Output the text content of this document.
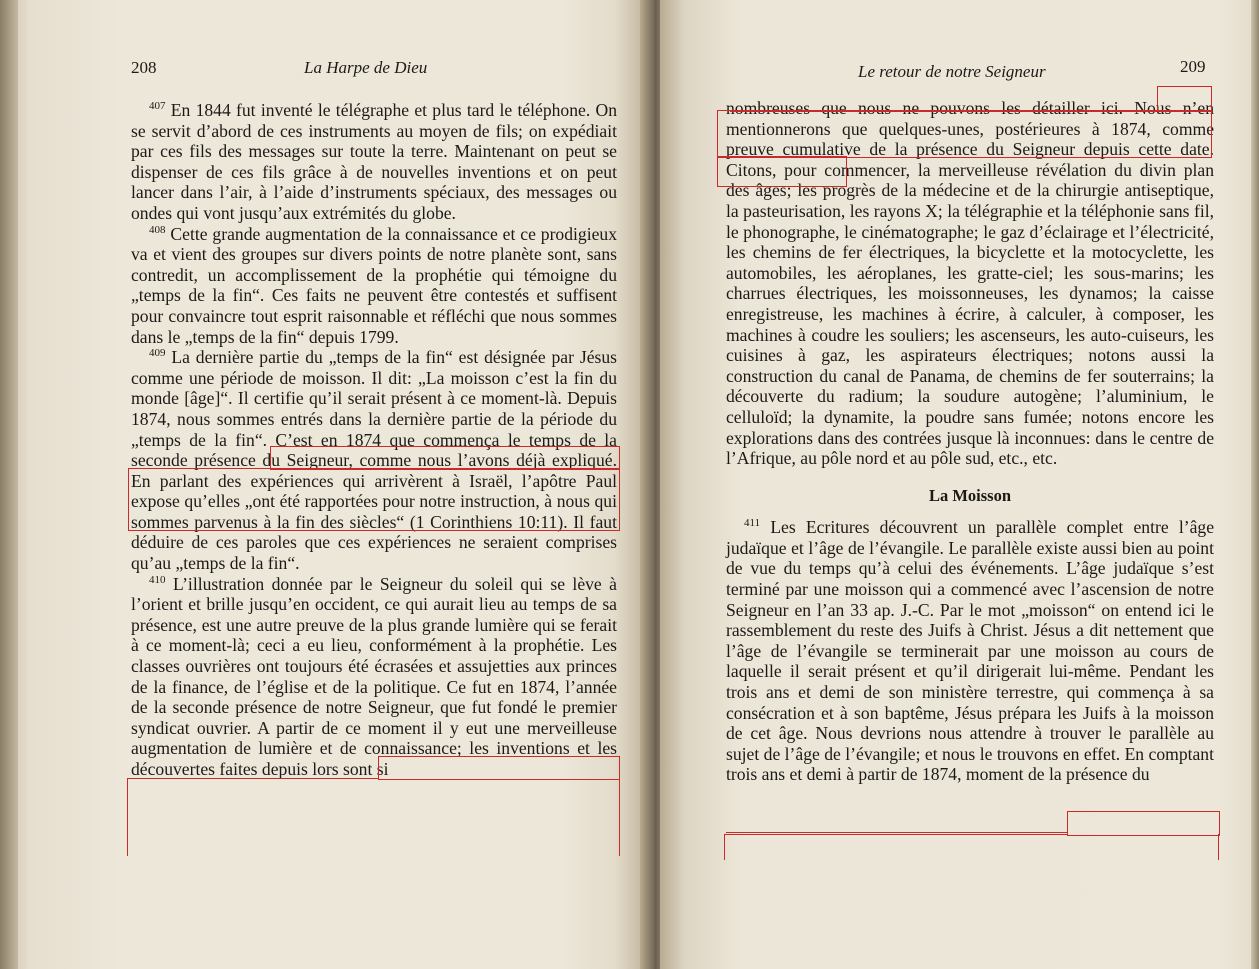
208	La Harpe de Dieu

$^{407}$ En 1844 fut inventé le télégraphe et plus tard le téléphone. On se servit d’abord de ces instruments au moyen de fils; on expédiait par ces fils des messages sur toute la terre. Maintenant on peut se dispenser de ces fils grâce à de nouvelles inventions et on peut lancer dans l’air, à l’aide d’instruments spéciaux, des messages ou ondes qui vont jusqu’aux extrémités du globe.

$^{408}$ Cette grande augmentation de la connaissance et ce prodigieux va et vient des groupes sur divers points de notre planète sont, sans contredit, un accomplissement de la prophétie qui témoigne du „temps de la fin“. Ces faits ne peuvent être contestés et suffisent pour convaincre tout esprit raisonnable et réfléchi que nous sommes dans le „temps de la fin“ depuis 1799.

$^{409}$ La dernière partie du „temps de la fin“ est désignée par Jésus comme une période de moisson. Il dit: „La moisson c’est la fin du monde [âge]“. Il certifie qu’il serait présent à ce moment-là. Depuis 1874, nous sommes entrés dans la dernière partie de la période du „temps de la fin“. C’est en 1874 que commença le temps de la seconde présence du Seigneur, comme nous l’avons déjà expliqué. En parlant des expériences qui arrivèrent à Israël, l’apôtre Paul expose qu’elles „ont été rapportées pour notre instruction, à nous qui sommes parvenus à la fin des siècles“ (1 Corinthiens 10:11). Il faut déduire de ces paroles que ces expériences ne seraient comprises qu’au „temps de la fin“.

$^{410}$ L’illustration donnée par le Seigneur du soleil qui se lève à l’orient et brille jusqu’en occident, ce qui aurait lieu au temps de sa présence, est une autre preuve de la plus grande lumière qui se ferait à ce moment-là; ceci a eu lieu, conformément à la prophétie. Les classes ouvrières ont toujours été écrasées et assujetties aux princes de la finance, de l’église et de la politique. Ce fut en 1874, l’année de la seconde présence de notre Seigneur, que fut fondé le premier syndicat ouvrier. A partir de ce moment il y eut une merveilleuse augmentation de lumière et de connaissance; les inventions et les découvertes faites depuis lors sont si

Le retour de notre Seigneur	209

nombreuses que nous ne pouvons les détailler ici. Nous n’en mentionnerons que quelques-unes, postérieures à 1874, comme preuve cumulative de la présence du Seigneur depuis cette date. Citons, pour commencer, la merveilleuse révélation du divin plan des âges; les progrès de la médecine et de la chirurgie antiseptique, la pasteurisation, les rayons X; la télégraphie et la téléphonie sans fil, le phonographe, le cinématographe; le gaz d’éclairage et l’électricité, les chemins de fer électriques, la bicyclette et la motocyclette, les automobiles, les aéroplanes, les gratte-ciel; les sous-marins; les charrues électriques, les moissonneuses, les dynamos; la caisse enregistreuse, les machines à écrire, à calculer, à composer, les machines à coudre les souliers; les ascenseurs, les auto-cuiseurs, les cuisines à gaz, les aspirateurs électriques; notons aussi la construction du canal de Panama, de chemins de fer souterrains; la découverte du radium; la soudure autogène; l’aluminium, le celluloïd; la dynamite, la poudre sans fumée; notons encore les explorations dans des contrées jusque là inconnues: dans le centre de l’Afrique, au pôle nord et au pôle sud, etc., etc.

La Moisson

$^{411}$ Les Ecritures découvrent un parallèle complet entre l’âge judaïque et l’âge de l’évangile. Le parallèle existe aussi bien au point de vue du temps qu’à celui des événements. L’âge judaïque s’est terminé par une moisson qui a commencé avec l’ascension de notre Seigneur en l’an 33 ap. J.-C. Par le mot „moisson“ on entend ici le rassemblement du reste des Juifs à Christ. Jésus a dit nettement que l’âge de l’évangile se terminerait par une moisson au cours de laquelle il serait présent et qu’il dirigerait lui-même. Pendant les trois ans et demi de son ministère terrestre, qui commença à sa consécration et à son baptême, Jésus prépara les Juifs à la moisson de cet âge. Nous devrions nous attendre à trouver le parallèle au sujet de l’âge de l’évangile; et nous le trouvons en effet. En comptant trois ans et demi à partir de 1874, moment de la présence du
